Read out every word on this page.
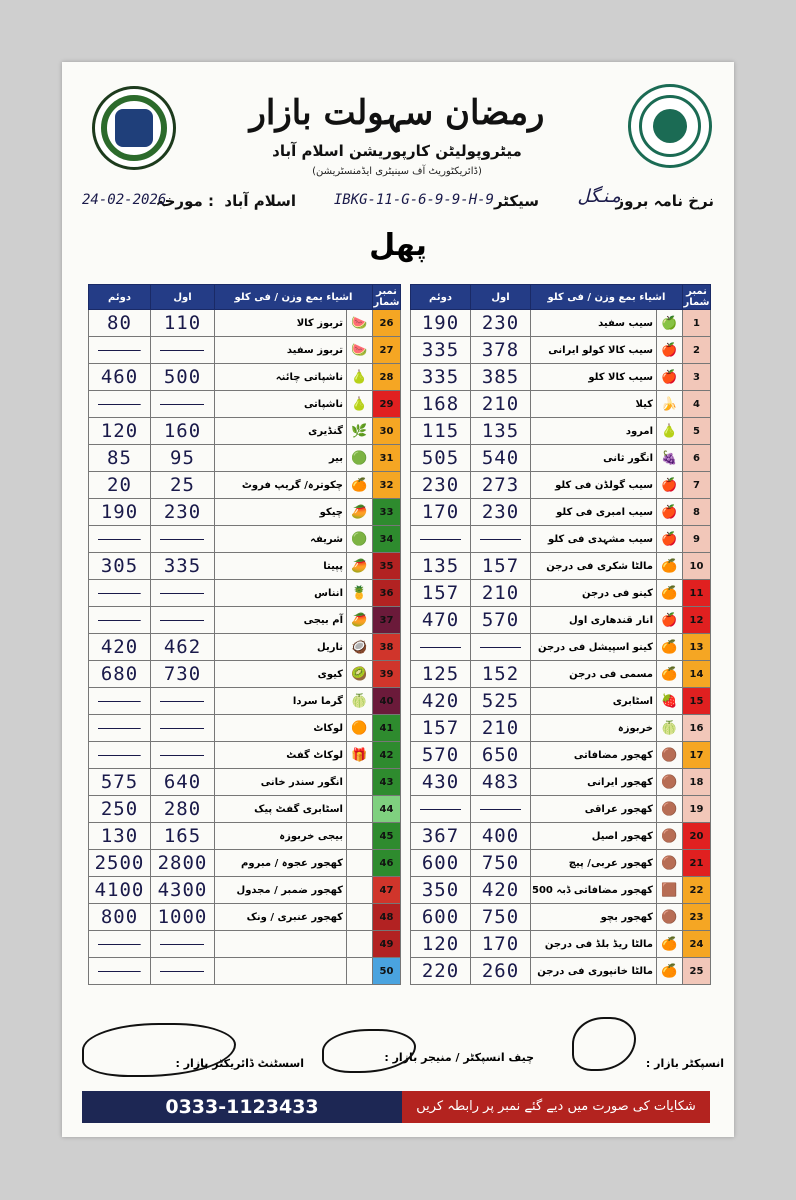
رمضان سہولت بازار
میٹروپولیٹن کارپوریشن اسلام آباد
(ڈائریکٹوریٹ آف سینیٹری ایڈمنسٹریشن)
نرخ نامہ بروز
منگل
سیکٹر
IBKG-11-G-6-9-9-H-9
اسلام آباد
مورخہ :
24-02-2026
پھل
دوئم	اول	اشیاء بمع وزن / فی کلو		نمبر شمار
190	230	سیب سفید	🍏	1
335	378	سیب کالا کولو ایرانی	🍎	2
335	385	سیب کالا کلو	🍎	3
168	210	کیلا	🍌	4
115	135	امرود	🍐	5
505	540	انگور ثانی	🍇	6
230	273	سیب گولڈن فی کلو	🍎	7
170	230	سیب امبری فی کلو	🍎	8
		سیب مشہدی فی کلو	🍎	9
135	157	مالٹا شکری فی درجن	🍊	10
157	210	کینو فی درجن	🍊	11
470	570	انار قندھاری اول	🍎	12
		کینو اسپیشل فی درجن	🍊	13
125	152	مسمی فی درجن	🍊	14
420	525	اسٹابری	🍓	15
157	210	خربوزہ	🍈	16
570	650	کھجور مضافاتی	🟤	17
430	483	کھجور ایرانی	🟤	18
		کھجور عراقی	🟤	19
367	400	کھجور اصیل	🟤	20
600	750	کھجور عربی/ پیچ	🟤	21
350	420	کھجور مضافاتی ڈبہ 500	🟫	22
600	750	کھجور بچو	🟤	23
120	170	مالٹا ریڈ بلڈ فی درجن	🍊	24
220	260	مالٹا خانپوری فی درجن	🍊	25
دوئم	اول	اشیاء بمع وزن / فی کلو		نمبر شمار
80	110	تربوز کالا	🍉	26
		تربوز سفید	🍉	27
460	500	ناشپاتی چائنہ	🍐	28
		ناشپاتی	🍐	29
120	160	گنڈیری	🌿	30
85	95	بیر	🟢	31
20	25	چکوترہ/ گریپ فروٹ	🍊	32
190	230	چیکو	🥭	33
		شریفہ	🟢	34
305	335	پپیتا	🥭	35
		انناس	🍍	36
		آم بیجی	🥭	37
420	462	ناریل	🥥	38
680	730	کیوی	🥝	39
		گرما سردا	🍈	40
		لوکاٹ	🟠	41
		لوکاٹ گفٹ	🎁	42
575	640	انگور سندر خانی		43
250	280	اسٹابری گفٹ پیک		44
130	165	بیجی خربوزہ		45
2500	2800	کھجور عجوہ / مبروم		46
4100	4300	کھجور ضمبر / مجدول		47
800	1000	کھجور عنبری / ونک		48
				49
				50
انسپکٹر بازار :
چیف انسپکٹر / منیجر بازار :
اسسٹنٹ ڈائریکٹر بازار :
0333-1123433	شکایات کی صورت میں دیے گئے نمبر پر رابطہ کریں
